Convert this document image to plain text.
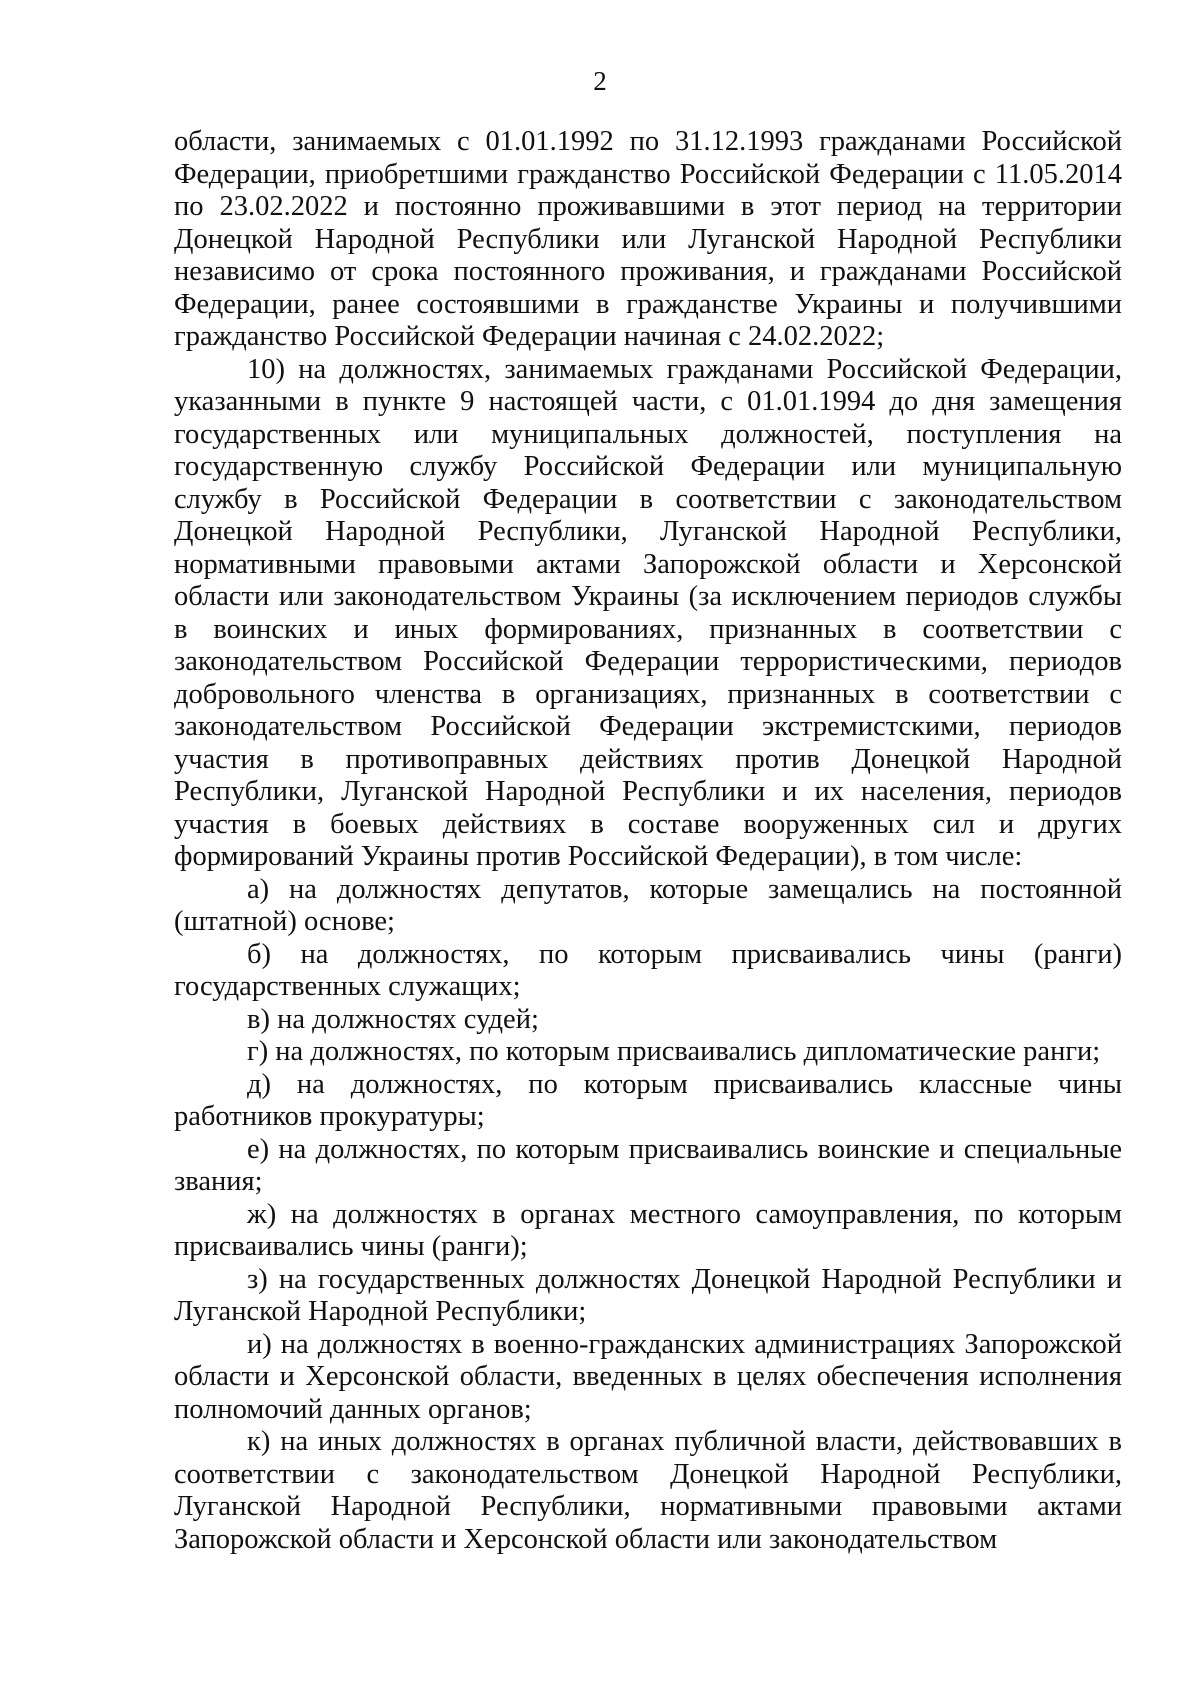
2
области, занимаемых с 01.01.1992 по 31.12.1993 гражданами Российской
Федерации, приобретшими гражданство Российской Федерации с 11.05.2014
по 23.02.2022 и постоянно проживавшими в этот период на территории
Донецкой Народной Республики или Луганской Народной Республики
независимо от срока постоянного проживания, и гражданами Российской
Федерации, ранее состоявшими в гражданстве Украины и получившими
гражданство Российской Федерации начиная с 24.02.2022;
10) на должностях, занимаемых гражданами Российской Федерации,
указанными в пункте 9 настоящей части, с 01.01.1994 до дня замещения
государственных или муниципальных должностей, поступления на
государственную службу Российской Федерации или муниципальную
службу в Российской Федерации в соответствии с законодательством
Донецкой Народной Республики, Луганской Народной Республики,
нормативными правовыми актами Запорожской области и Херсонской
области или законодательством Украины (за исключением периодов службы
в воинских и иных формированиях, признанных в соответствии с
законодательством Российской Федерации террористическими, периодов
добровольного членства в организациях, признанных в соответствии с
законодательством Российской Федерации экстремистскими, периодов
участия в противоправных действиях против Донецкой Народной
Республики, Луганской Народной Республики и их населения, периодов
участия в боевых действиях в составе вооруженных сил и других
формирований Украины против Российской Федерации), в том числе:
а) на должностях депутатов, которые замещались на постоянной
(штатной) основе;
б) на должностях, по которым присваивались чины (ранги)
государственных служащих;
в) на должностях судей;
г) на должностях, по которым присваивались дипломатические ранги;
д) на должностях, по которым присваивались классные чины
работников прокуратуры;
е) на должностях, по которым присваивались воинские и специальные
звания;
ж) на должностях в органах местного самоуправления, по которым
присваивались чины (ранги);
з) на государственных должностях Донецкой Народной Республики и
Луганской Народной Республики;
и) на должностях в военно-гражданских администрациях Запорожской
области и Херсонской области, введенных в целях обеспечения исполнения
полномочий данных органов;
к) на иных должностях в органах публичной власти, действовавших в
соответствии с законодательством Донецкой Народной Республики,
Луганской Народной Республики, нормативными правовыми актами
Запорожской области и Херсонской области или законодательством
